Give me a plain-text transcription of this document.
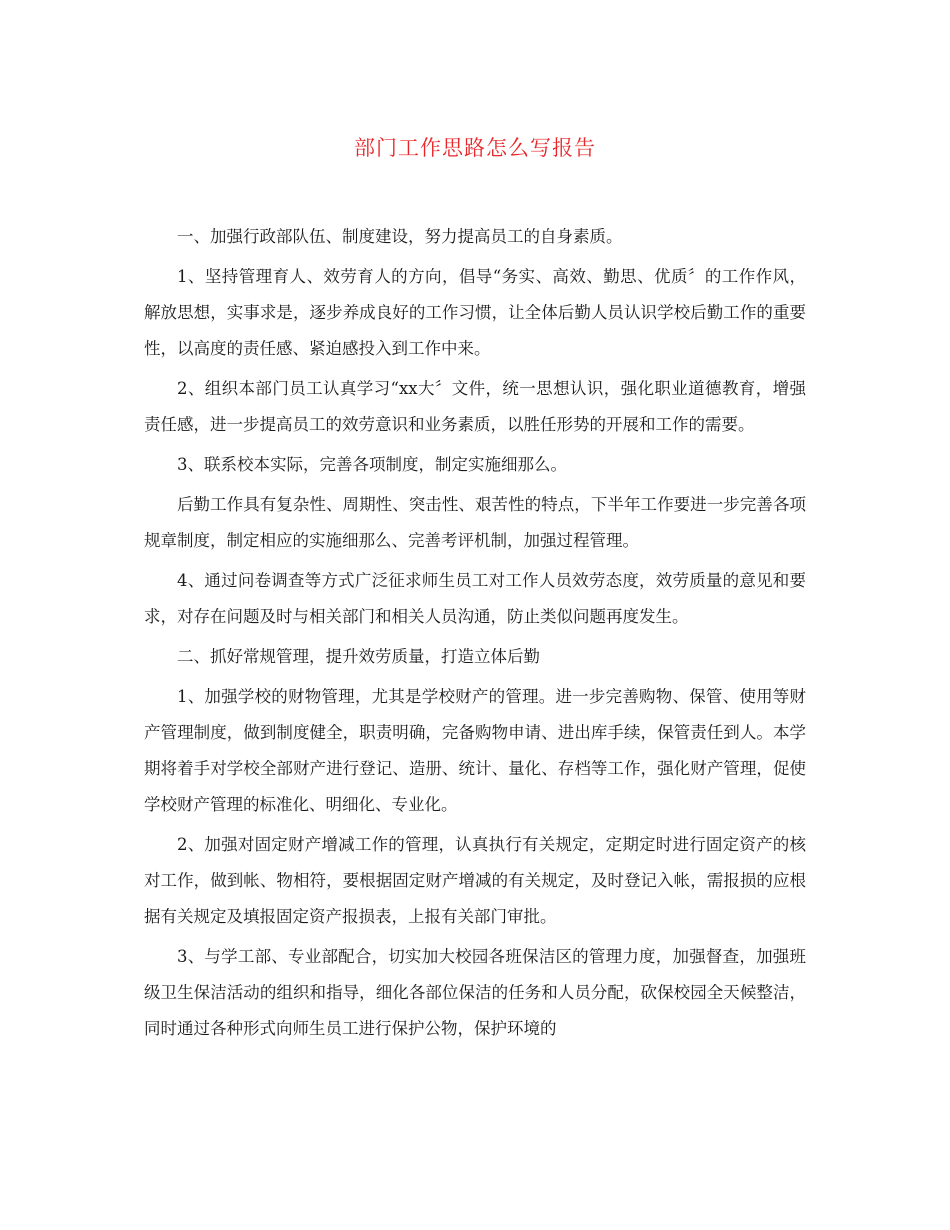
部门工作思路怎么写报告

一、加强行政部队伍、制度建设，努力提高员工的自身素质。

1、坚持管理育人、效劳育人的方向，倡导“务实、高效、勤思、优质〞的工作作风，解放思想，实事求是，逐步养成良好的工作习惯，让全体后勤人员认识学校后勤工作的重要性，以高度的责任感、紧迫感投入到工作中来。

2、组织本部门员工认真学习“xx大〞文件，统一思想认识，强化职业道德教育，增强责任感，进一步提高员工的效劳意识和业务素质，以胜任形势的开展和工作的需要。

3、联系校本实际，完善各项制度，制定实施细那么。

后勤工作具有复杂性、周期性、突击性、艰苦性的特点，下半年工作要进一步完善各项规章制度，制定相应的实施细那么、完善考评机制，加强过程管理。

4、通过问卷调查等方式广泛征求师生员工对工作人员效劳态度，效劳质量的意见和要求，对存在问题及时与相关部门和相关人员沟通，防止类似问题再度发生。

二、抓好常规管理，提升效劳质量，打造立体后勤

1、加强学校的财物管理，尤其是学校财产的管理。进一步完善购物、保管、使用等财产管理制度，做到制度健全，职责明确，完备购物申请、进出库手续，保管责任到人。本学期将着手对学校全部财产进行登记、造册、统计、量化、存档等工作，强化财产管理，促使学校财产管理的标准化、明细化、专业化。

2、加强对固定财产增减工作的管理，认真执行有关规定，定期定时进行固定资产的核对工作，做到帐、物相符，要根据固定财产增减的有关规定，及时登记入帐，需报损的应根据有关规定及填报固定资产报损表，上报有关部门审批。

3、与学工部、专业部配合，切实加大校园各班保洁区的管理力度，加强督查，加强班级卫生保洁活动的组织和指导，细化各部位保洁的任务和人员分配，砍保校园全天候整洁，同时通过各种形式向师生员工进行保护公物，保护环境的
